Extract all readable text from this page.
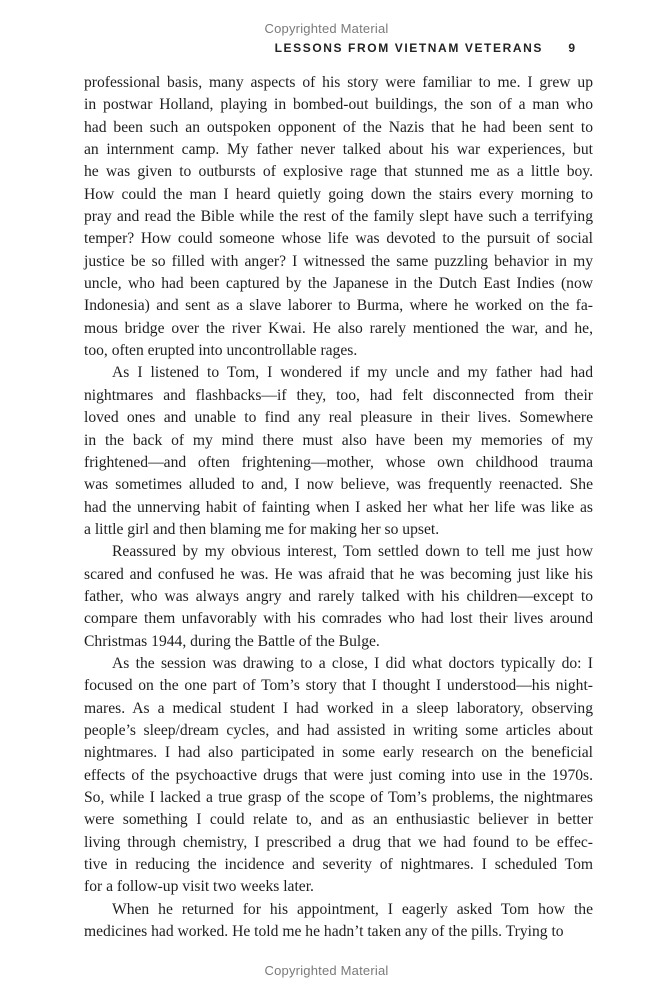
Copyrighted Material
LESSONS FROM VIETNAM VETERANS 9
professional basis, many aspects of his story were familiar to me. I grew up
in postwar Holland, playing in bombed-out buildings, the son of a man who
had been such an outspoken opponent of the Nazis that he had been sent to
an internment camp. My father never talked about his war experiences, but
he was given to outbursts of explosive rage that stunned me as a little boy.
How could the man I heard quietly going down the stairs every morning to
pray and read the Bible while the rest of the family slept have such a terrifying
temper? How could someone whose life was devoted to the pursuit of social
justice be so filled with anger? I witnessed the same puzzling behavior in my
uncle, who had been captured by the Japanese in the Dutch East Indies (now
Indonesia) and sent as a slave laborer to Burma, where he worked on the fa-
mous bridge over the river Kwai. He also rarely mentioned the war, and he,
too, often erupted into uncontrollable rages.
As I listened to Tom, I wondered if my uncle and my father had had
nightmares and flashbacks—if they, too, had felt disconnected from their
loved ones and unable to find any real pleasure in their lives. Somewhere
in the back of my mind there must also have been my memories of my
frightened—and often frightening—mother, whose own childhood trauma
was sometimes alluded to and, I now believe, was frequently reenacted. She
had the unnerving habit of fainting when I asked her what her life was like as
a little girl and then blaming me for making her so upset.
Reassured by my obvious interest, Tom settled down to tell me just how
scared and confused he was. He was afraid that he was becoming just like his
father, who was always angry and rarely talked with his children—except to
compare them unfavorably with his comrades who had lost their lives around
Christmas 1944, during the Battle of the Bulge.
As the session was drawing to a close, I did what doctors typically do: I
focused on the one part of Tom’s story that I thought I understood—his night-
mares. As a medical student I had worked in a sleep laboratory, observing
people’s sleep/dream cycles, and had assisted in writing some articles about
nightmares. I had also participated in some early research on the beneficial
effects of the psychoactive drugs that were just coming into use in the 1970s.
So, while I lacked a true grasp of the scope of Tom’s problems, the nightmares
were something I could relate to, and as an enthusiastic believer in better
living through chemistry, I prescribed a drug that we had found to be effec-
tive in reducing the incidence and severity of nightmares. I scheduled Tom
for a follow-up visit two weeks later.
When he returned for his appointment, I eagerly asked Tom how the
medicines had worked. He told me he hadn’t taken any of the pills. Trying to
Copyrighted Material
